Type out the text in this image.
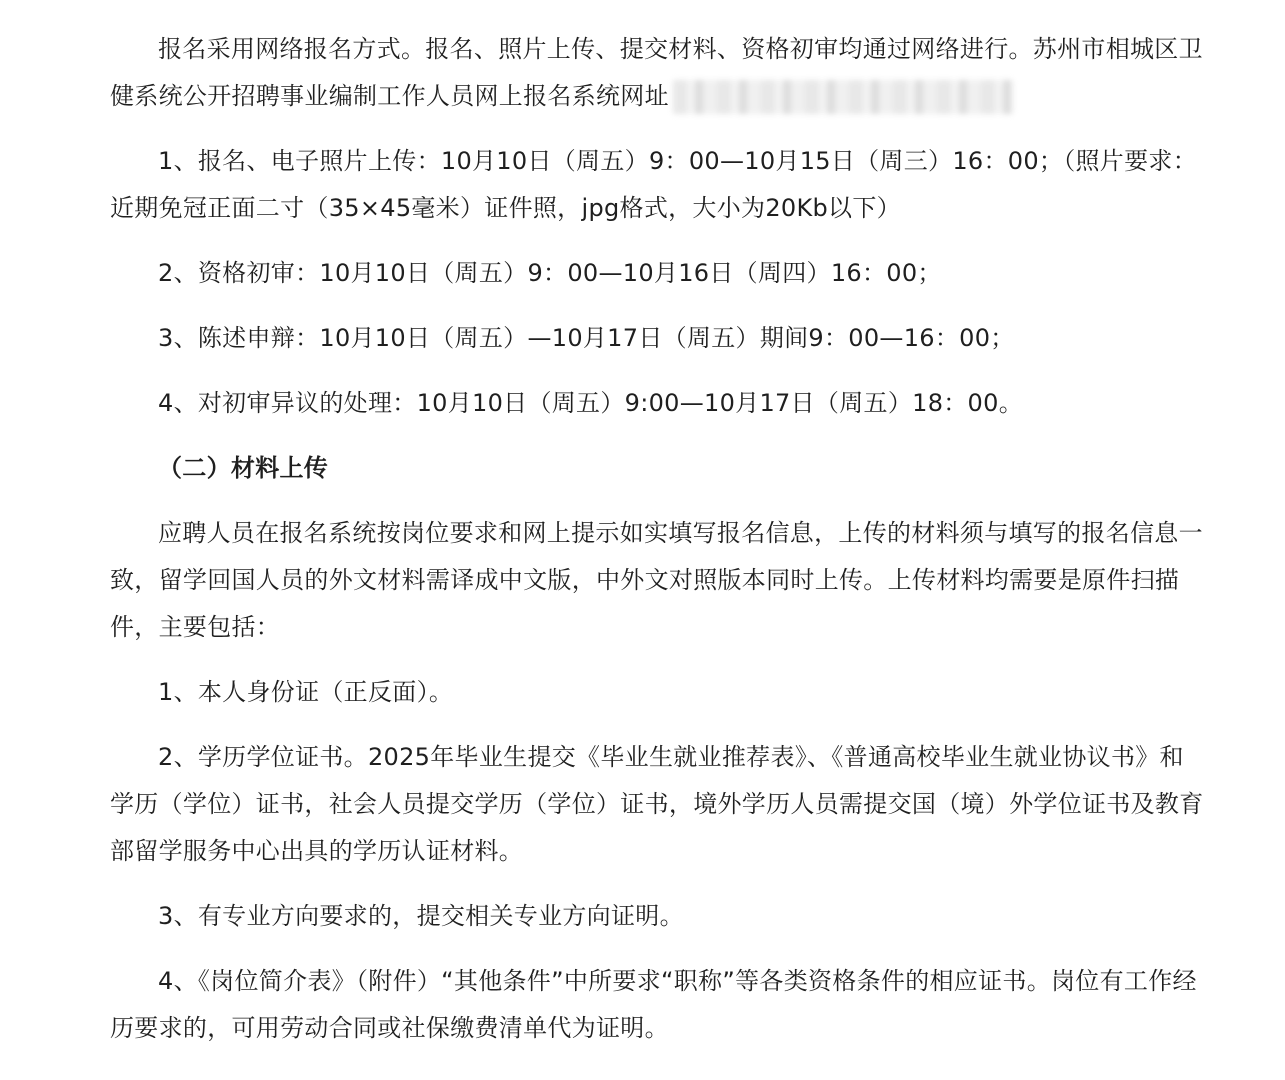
报名采用网络报名方式。报名、照片上传、提交材料、资格初审均通过网络进行。苏州市相城区卫健系统公开招聘事业编制工作人员网上报名系统网址

1、报名、电子照片上传：10月10日（周五）9：00—10月15日（周三）16：00；（照片要求：近期免冠正面二寸（35×45毫米）证件照，jpg格式，大小为20Kb以下）

2、资格初审：10月10日（周五）9：00—10月16日（周四）16：00；

3、陈述申辩：10月10日（周五）—10月17日（周五）期间9：00—16：00；

4、对初审异议的处理：10月10日（周五）9:00—10月17日（周五）18：00。

（二）材料上传

应聘人员在报名系统按岗位要求和网上提示如实填写报名信息，上传的材料须与填写的报名信息一致，留学回国人员的外文材料需译成中文版，中外文对照版本同时上传。上传材料均需要是原件扫描件，主要包括：

1、本人身份证（正反面）。

2、学历学位证书。2025年毕业生提交《毕业生就业推荐表》、《普通高校毕业生就业协议书》和学历（学位）证书，社会人员提交学历（学位）证书，境外学历人员需提交国（境）外学位证书及教育部留学服务中心出具的学历认证材料。

3、有专业方向要求的，提交相关专业方向证明。

4、《岗位简介表》（附件）“其他条件”中所要求“职称”等各类资格条件的相应证书。岗位有工作经历要求的，可用劳动合同或社保缴费清单代为证明。
